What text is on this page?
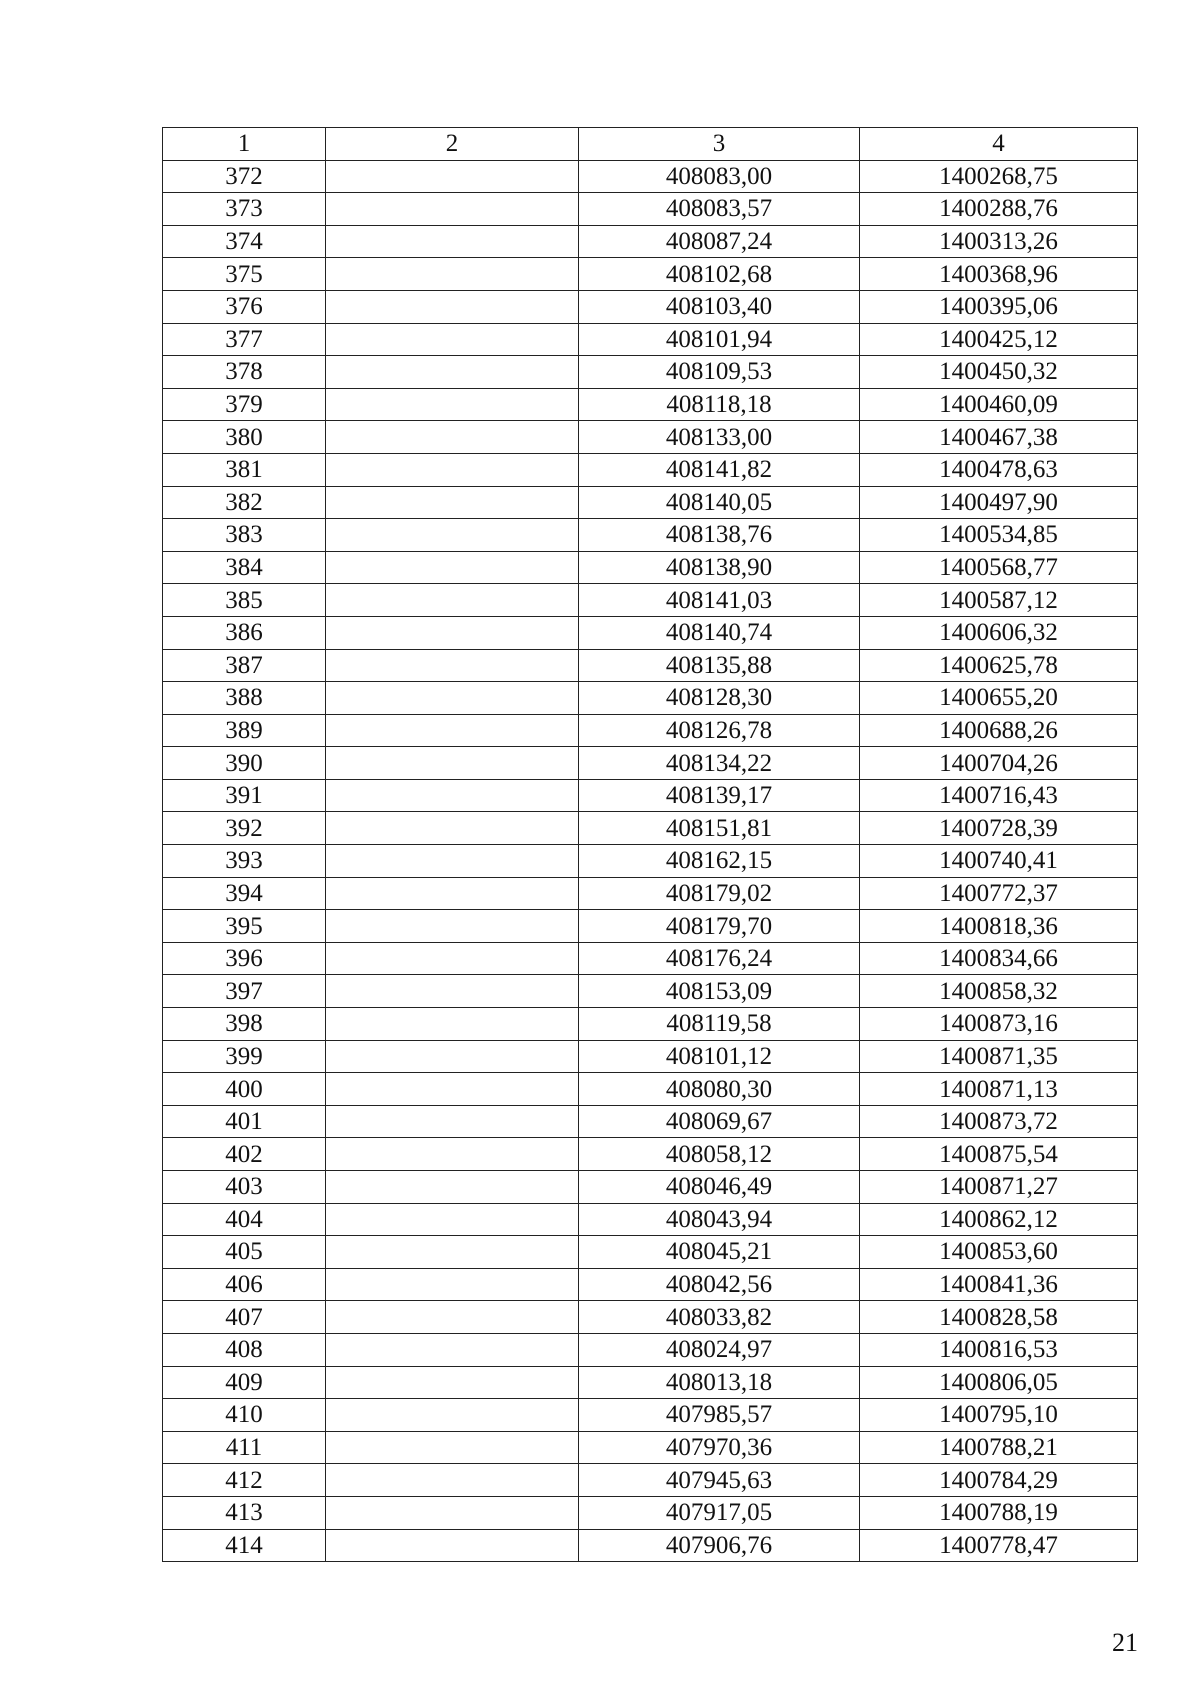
1	2	3	4
372		408083,00	1400268,75
373		408083,57	1400288,76
374		408087,24	1400313,26
375		408102,68	1400368,96
376		408103,40	1400395,06
377		408101,94	1400425,12
378		408109,53	1400450,32
379		408118,18	1400460,09
380		408133,00	1400467,38
381		408141,82	1400478,63
382		408140,05	1400497,90
383		408138,76	1400534,85
384		408138,90	1400568,77
385		408141,03	1400587,12
386		408140,74	1400606,32
387		408135,88	1400625,78
388		408128,30	1400655,20
389		408126,78	1400688,26
390		408134,22	1400704,26
391		408139,17	1400716,43
392		408151,81	1400728,39
393		408162,15	1400740,41
394		408179,02	1400772,37
395		408179,70	1400818,36
396		408176,24	1400834,66
397		408153,09	1400858,32
398		408119,58	1400873,16
399		408101,12	1400871,35
400		408080,30	1400871,13
401		408069,67	1400873,72
402		408058,12	1400875,54
403		408046,49	1400871,27
404		408043,94	1400862,12
405		408045,21	1400853,60
406		408042,56	1400841,36
407		408033,82	1400828,58
408		408024,97	1400816,53
409		408013,18	1400806,05
410		407985,57	1400795,10
411		407970,36	1400788,21
412		407945,63	1400784,29
413		407917,05	1400788,19
414		407906,76	1400778,47
21
